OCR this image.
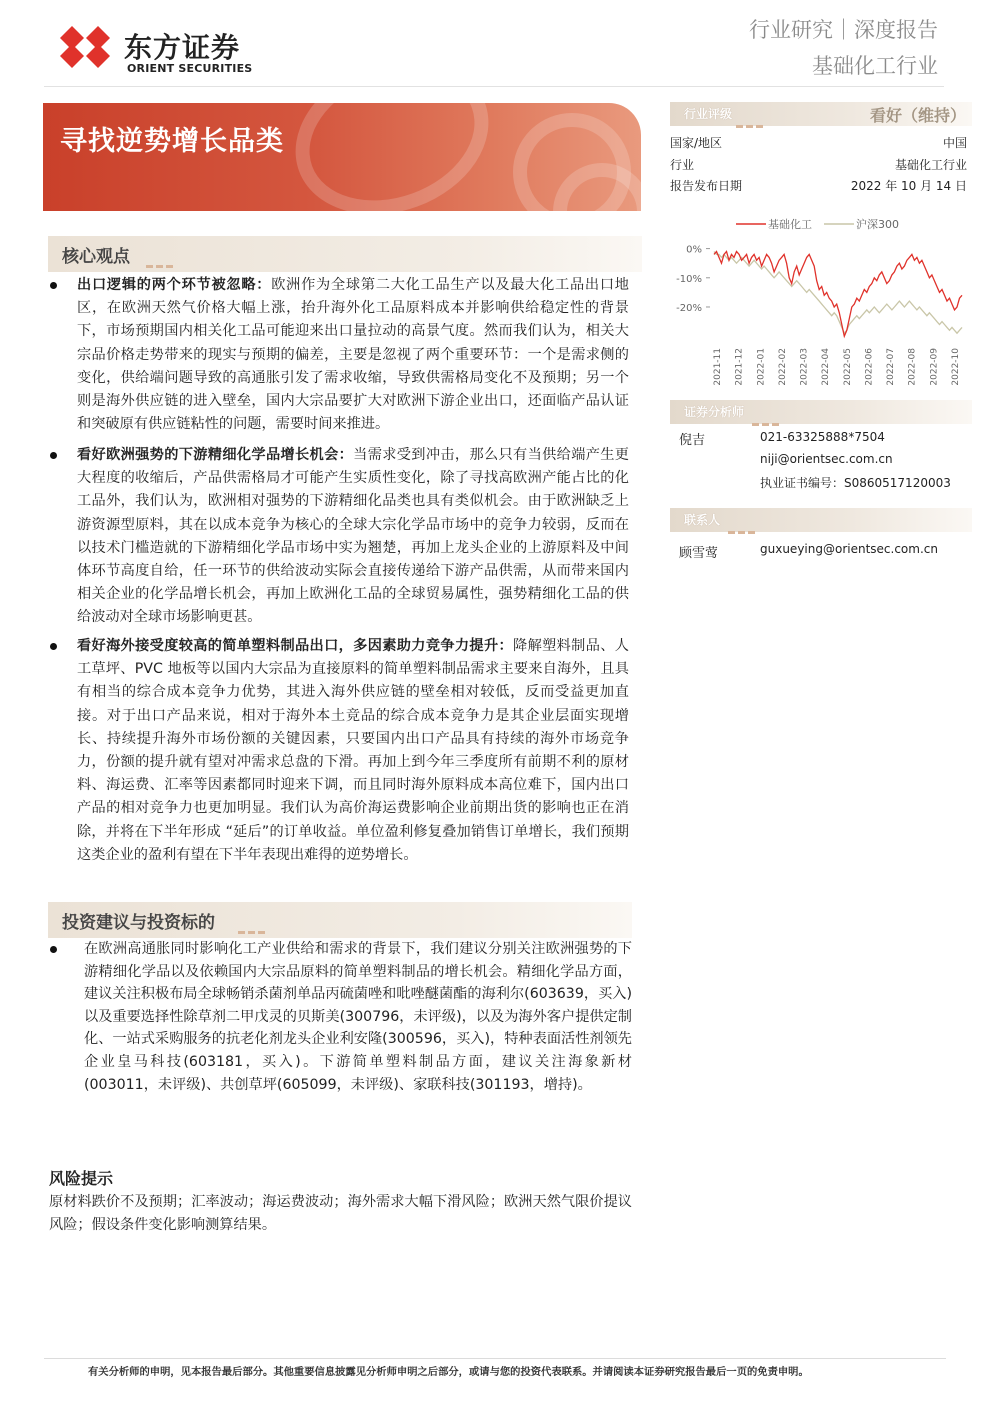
东方证券
ORIENT SECURITIES
行业研究｜深度报告
基础化工行业
寻找逆势增长品类
核心观点
出口逻辑的两个环节被忽略：欧洲作为全球第二大化工品生产以及最大化工品出口地区，在欧洲天然气价格大幅上涨，抬升海外化工品原料成本并影响供给稳定性的背景下，市场预期国内相关化工品可能迎来出口量拉动的高景气度。然而我们认为，相关大宗品价格走势带来的现实与预期的偏差，主要是忽视了两个重要环节：一个是需求侧的变化，供给端问题导致的高通胀引发了需求收缩，导致供需格局变化不及预期；另一个则是海外供应链的进入壁垒，国内大宗品要扩大对欧洲下游企业出口，还面临产品认证和突破原有供应链粘性的问题，需要时间来推进。
看好欧洲强势的下游精细化学品增长机会：当需求受到冲击，那么只有当供给端产生更大程度的收缩后，产品供需格局才可能产生实质性变化，除了寻找高欧洲产能占比的化工品外，我们认为，欧洲相对强势的下游精细化品类也具有类似机会。由于欧洲缺乏上游资源型原料，其在以成本竞争为核心的全球大宗化学品市场中的竞争力较弱，反而在以技术门槛造就的下游精细化学品市场中实为翘楚，再加上龙头企业的上游原料及中间体环节高度自给，任一环节的供给波动实际会直接传递给下游产品供需，从而带来国内相关企业的化学品增长机会，再加上欧洲化工品的全球贸易属性，强势精细化工品的供给波动对全球市场影响更甚。
看好海外接受度较高的简单塑料制品出口，多因素助力竞争力提升：降解塑料制品、人工草坪、PVC 地板等以国内大宗品为直接原料的简单塑料制品需求主要来自海外，且具有相当的综合成本竞争力优势，其进入海外供应链的壁垒相对较低，反而受益更加直接。对于出口产品来说，相对于海外本土竞品的综合成本竞争力是其企业层面实现增长、持续提升海外市场份额的关键因素，只要国内出口产品具有持续的海外市场竞争力，份额的提升就有望对冲需求总盘的下滑。再加上到今年三季度所有前期不利的原材料、海运费、汇率等因素都同时迎来下调，而且同时海外原料成本高位难下，国内出口产品的相对竞争力也更加明显。我们认为高价海运费影响企业前期出货的影响也正在消除，并将在下半年形成 “延后”的订单收益。单位盈利修复叠加销售订单增长，我们预期这类企业的盈利有望在下半年表现出难得的逆势增长。
投资建议与投资标的
在欧洲高通胀同时影响化工产业供给和需求的背景下，我们建议分别关注欧洲强势的下游精细化学品以及依赖国内大宗品原料的简单塑料制品的增长机会。精细化学品方面，建议关注积极布局全球畅销杀菌剂单品丙硫菌唑和吡唑醚菌酯的海利尔(603639，买入) 以及重要选择性除草剂二甲戊灵的贝斯美(300796，未评级)，以及为海外客户提供定制化、一站式采购服务的抗老化剂龙头企业利安隆(300596，买入)，特种表面活性剂领先企业皇马科技(603181，买入)。下游简单塑料制品方面，建议关注海象新材(003011，未评级)、共创草坪(605099，未评级)、家联科技(301193，增持)。
风险提示
原材料跌价不及预期；汇率波动；海运费波动；海外需求大幅下滑风险；欧洲天然气限价提议风险；假设条件变化影响测算结果。
行业评级	看好（维持）
国家/地区	中国
行业	基础化工行业
报告发布日期	2022 年 10 月 14 日
基础化工	沪深300
0%
-10%
-20%
2021-11 2021-12 2022-01 2022-02 2022-03 2022-04 2022-05 2022-06 2022-07 2022-08 2022-09 2022-10
证券分析师
倪吉	021-63325888*7504
niji@orientsec.com.cn
执业证书编号：S0860517120003
联系人
顾雪莺	guxueying@orientsec.com.cn
有关分析师的申明，见本报告最后部分。其他重要信息披露见分析师申明之后部分，或请与您的投资代表联系。并请阅读本证券研究报告最后一页的免责申明。
